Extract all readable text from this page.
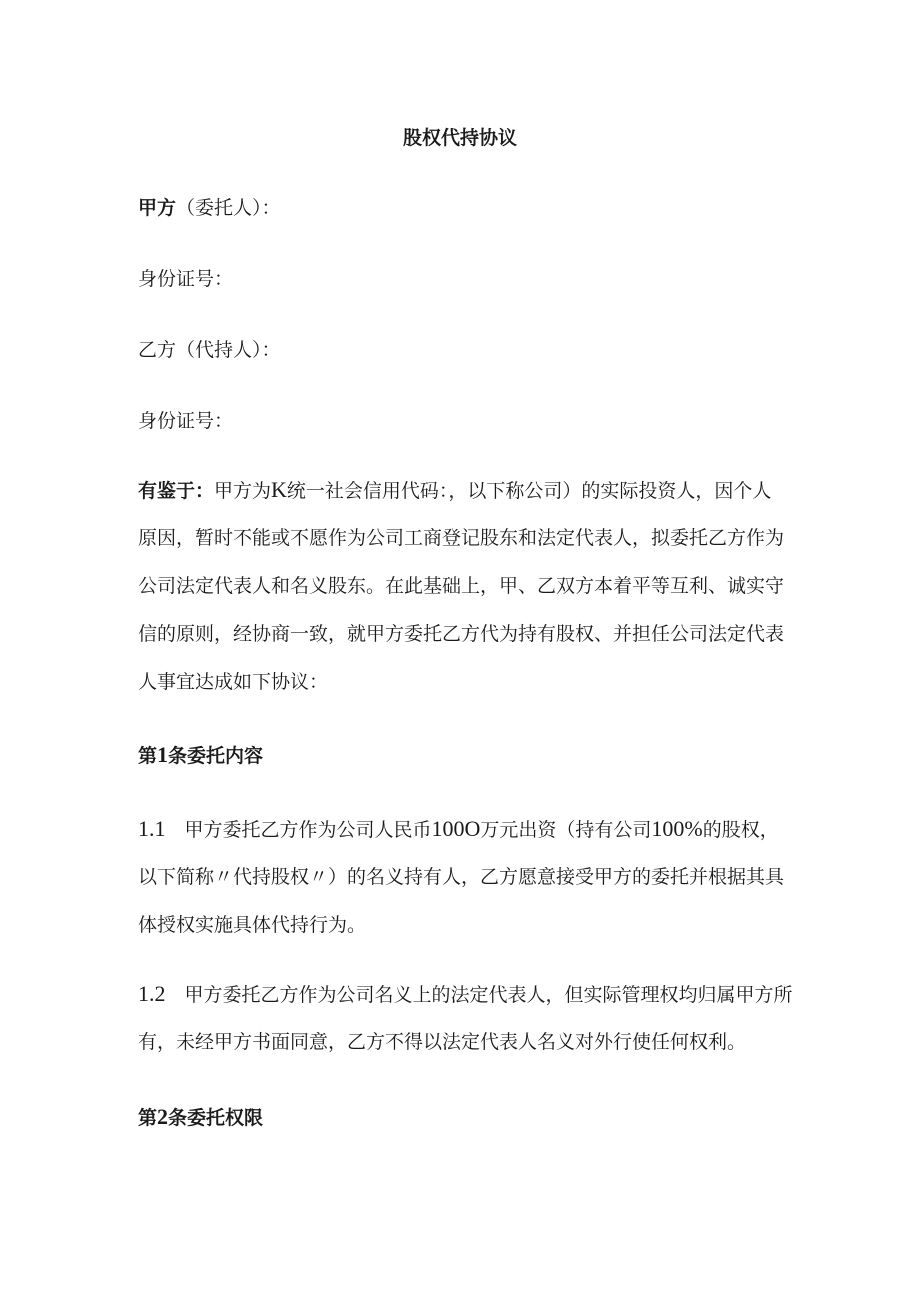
股权代持协议

甲方（委托人）：

身份证号：

乙方（代持人）：

身份证号：

有鉴于：甲方为K统一社会信用代码：，以下称公司）的实际投资人，因个人
原因，暂时不能或不愿作为公司工商登记股东和法定代表人，拟委托乙方作为
公司法定代表人和名义股东。在此基础上，甲、乙双方本着平等互利、诚实守
信的原则，经协商一致，就甲方委托乙方代为持有股权、并担任公司法定代表
人事宜达成如下协议：
第1条委托内容
1.1  甲方委托乙方作为公司人民币100O万元出资（持有公司100%的股权，
以下简称〃代持股权〃）的名义持有人，乙方愿意接受甲方的委托并根据其具
体授权实施具体代持行为。
1.2  甲方委托乙方作为公司名义上的法定代表人，但实际管理权均归属甲方所
有，未经甲方书面同意，乙方不得以法定代表人名义对外行使任何权利。
第2条委托权限
